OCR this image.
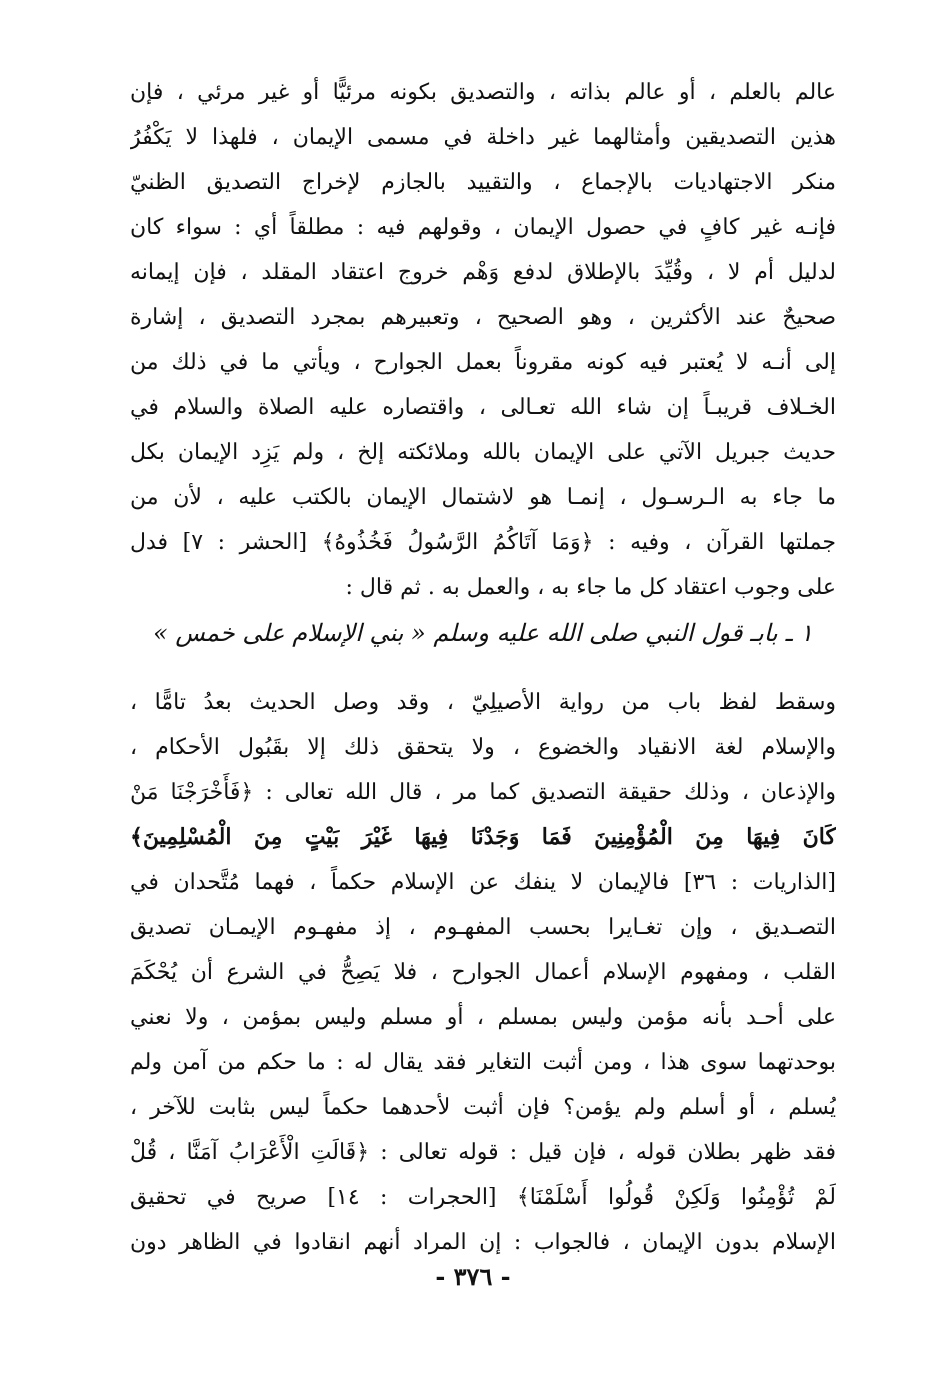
عالم بالعلم ، أو عالم بذاته ، والتصديق بكونه مرئيًّا أو غير مرئي ، فإن
هذين التصديقين وأمثالهما غير داخلة في مسمى الإيمان ، فلهذا لا يَكْفُرُ
منكر الاجتهاديات بالإجماع ، والتقييد بالجازم لإخراج التصديق الظنيّ
فإنـه غير كافٍ في حصول الإيمان ، وقولهم فيه : مطلقاً أي : سواء كان
لدليل أم لا ، وقُيِّدَ بالإطلاق لدفع وَهْم خروج اعتقاد المقلد ، فإن إيمانه
صحيحٌ عند الأكثرين ، وهو الصحيح ، وتعبيرهم بمجرد التصديق ، إشارة
إلى أنـه لا يُعتبر فيه كونه مقروناً بعمل الجوارح ، ويأتي ما في ذلك من
الخـلاف قريبـاً إن شاء الله تعـالى ، واقتصاره عليه الصلاة والسلام في
حديث جبريل الآتي على الإيمان بالله وملائكته إلخ ، ولم يَزِد الإيمان بكل
ما جاء به الـرسـول ، إنمـا هو لاشتمال الإيمان بالكتب عليه ، لأن من
جملتها القرآن ، وفيه : ﴿وَمَا آتَاكُمُ الرَّسُولُ فَخُذُوهُ﴾ [الحشر : ٧] فدل
على وجوب اعتقاد كل ما جاء به ، والعمل به . ثم قال :
١ ـ بابـ قول النبي صلى الله عليه وسلم « بني الإسلام على خمس »
وسقط لفظ باب من رواية الأصيلِيّ ، وقد وصل الحديث بعدُ تامًّا ،
والإسلام لغة الانقياد والخضوع ، ولا يتحقق ذلك إلا بقَبُول الأحكام ،
والإذعان ، وذلك حقيقة التصديق كما مر ، قال الله تعالى : ﴿فَأَخْرَجْنَا مَنْ
كَانَ فِيهَا مِنَ الْمُؤْمِنِينَ فَمَا وَجَدْنَا فِيهَا غَيْرَ بَيْتٍ مِنَ الْمُسْلِمِينَ﴾
[الذاريات : ٣٦] فالإيمان لا ينفك عن الإسلام حكماً ، فهما مُتَّحدان في
التصـديق ، وإن تغـايرا بحسب المفهـوم ، إذ مفهـوم الإيمـان تصديق
القلب ، ومفهوم الإسلام أعمال الجوارح ، فلا يَصِحُّ في الشرع أن يُحْكَمَ
على أحـد بأنه مؤمن وليس بمسلم ، أو مسلم وليس بمؤمن ، ولا نعني
بوحدتهما سوى هذا ، ومن أثبت التغاير فقد يقال له : ما حكم من آمن ولم
يُسلم ، أو أسلم ولم يؤمن؟ فإن أثبت لأحدهما حكماً ليس بثابت للآخر ،
فقد ظهر بطلان قوله ، فإن قيل : قوله تعالى : ﴿قَالَتِ الْأَعْرَابُ آمَنَّا ، قُلْ
لَمْ تُؤْمِنُوا وَلَكِنْ قُولُوا أَسْلَمْنَا﴾ [الحجرات : ١٤] صريح في تحقيق
الإسلام بدون الإيمان ، فالجواب : إن المراد أنهم انقادوا في الظاهر دون
- ٣٧٦ -
